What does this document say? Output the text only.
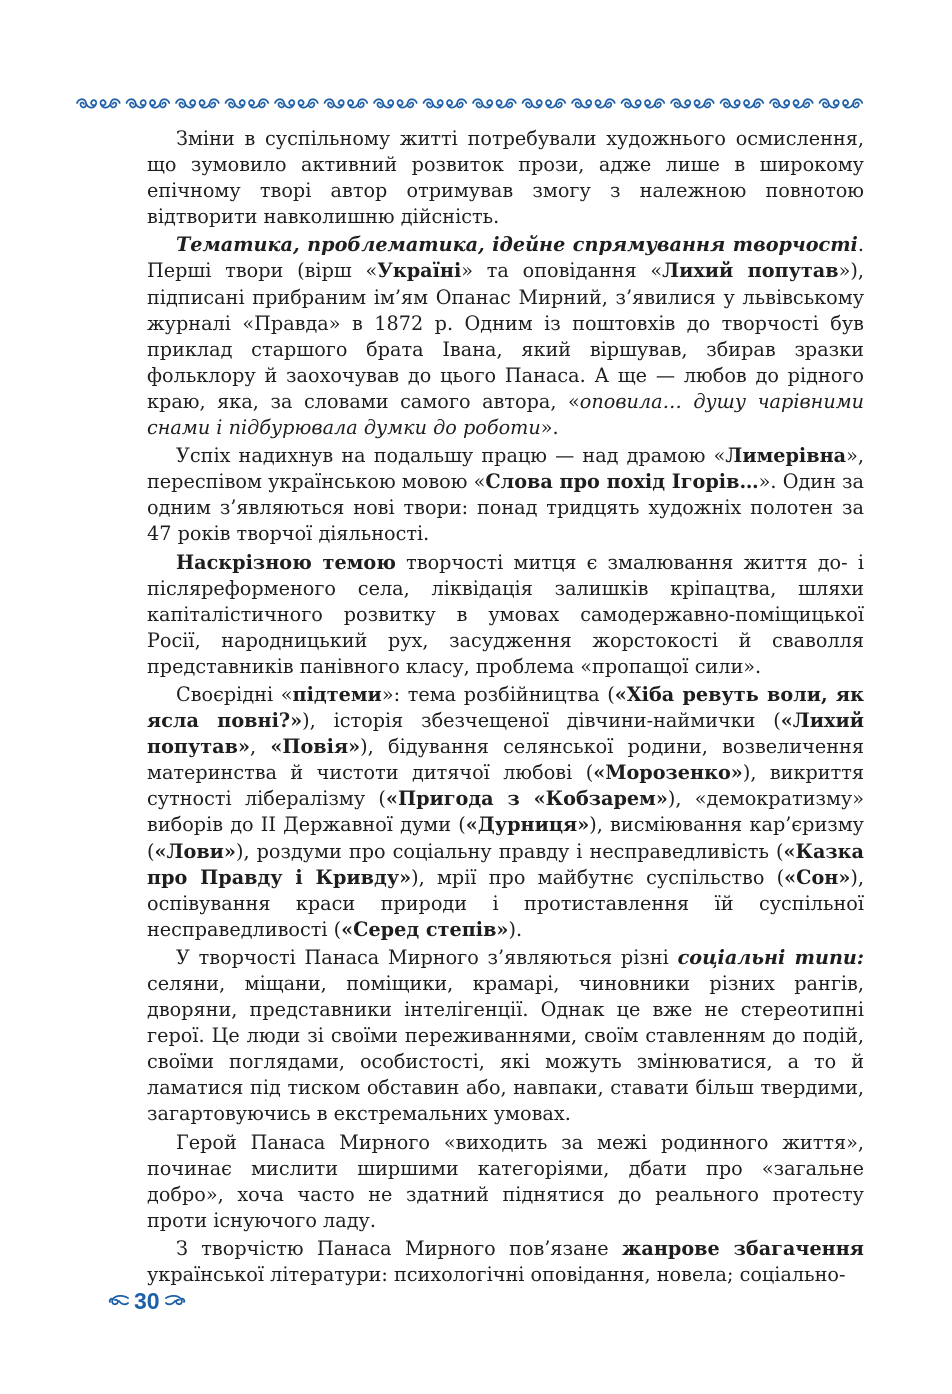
Зміни в суспільному житті потребували художнього осмислення, що зумовило активний розвиток прози, адже лише в широкому епічному творі автор отримував змогу з належною повнотою відтворити навколишню дійсність.

Тематика, проблематика, ідейне спрямування творчості. Перші твори (вірш «Україні» та оповідання «Лихий попутав»), підписані прибраним ім’ям Опанас Мирний, з’явилися у львівському журналі «Правда» в 1872 р. Одним із поштовхів до творчості був приклад старшого брата Івана, який віршував, збирав зразки фольклору й заохочував до цього Панаса. А ще — любов до рідного краю, яка, за словами самого автора, «оповила… душу чарівними снами і підбурювала думки до роботи».

Успіх надихнув на подальшу працю — над драмою «Лимерівна», переспівом українською мовою «Слова про похід Ігорів…». Один за одним з’являються нові твори: понад тридцять художніх полотен за 47 років творчої діяльності.

Наскрізною темою творчості митця є змалювання життя до- і післяреформеного села, ліквідація залишків кріпацтва, шляхи капіталістичного розвитку в умовах самодержавно-поміщицької Росії, народницький рух, засудження жорстокості й сваволля представників панівного класу, проблема «пропащої сили».

Своєрідні «підтеми»: тема розбійництва («Хіба ревуть воли, як ясла повні?»), історія збезчещеної дівчини-наймички («Лихий попутав», «Повія»), бідування селянської родини, возвеличення материнства й чистоти дитячої любові («Морозенко»), викриття сутності лібералізму («Пригода з «Кобзарем»), «демократизму» виборів до II Державної думи («Дурниця»), висміювання кар’єризму («Лови»), роздуми про соціальну правду і несправедливість («Казка про Правду і Кривду»), мрії про майбутнє суспільство («Сон»), оспівування краси природи і протиставлення їй суспільної несправедливості («Серед степів»).

У творчості Панаса Мирного з’являються різні соціальні типи: селяни, міщани, поміщики, крамарі, чиновники різних рангів, дворяни, представники інтелігенції. Однак це вже не стереотипні герої. Це люди зі своїми переживаннями, своїм ставленням до подій, своїми поглядами, особистості, які можуть змінюватися, а то й ламатися під тиском обставин або, навпаки, ставати більш твердими, загартовуючись в екстремальних умовах.

Герой Панаса Мирного «виходить за межі родинного життя», починає мислити ширшими категоріями, дбати про «загальне добро», хоча часто не здатний піднятися до реального протесту проти існуючого ладу.

З творчістю Панаса Мирного пов’язане жанрове збагачення української літератури: психологічні оповідання, новела; соціально-

30
